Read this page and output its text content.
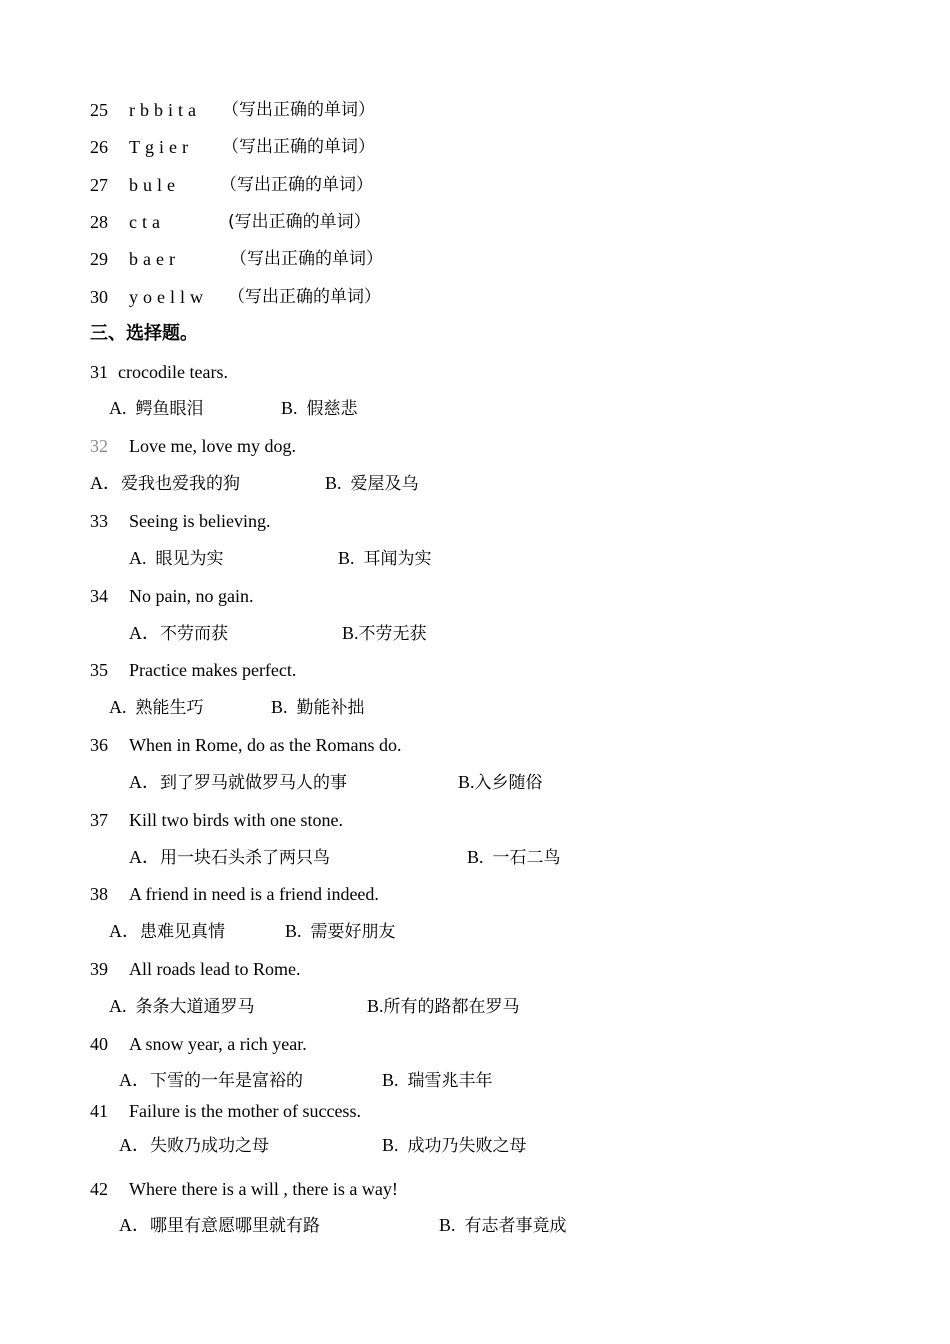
25 rbbita （写出正确的单词）
26 Tgier （写出正确的单词）
27 bule （写出正确的单词）
28 cta	(写出正确的单词）
29 baer	（写出正确的单词）
30 yoellw （写出正确的单词）
三、选择题。
31 crocodile tears.
A. 鳄鱼眼泪	B. 假慈悲
32 Love me, love my dog.
A．爱我也爱我的狗	B. 爱屋及乌
33 Seeing is believing.
A. 眼见为实	B. 耳闻为实
34 No pain, no gain.
A．不劳而获	B.不劳无获
35 Practice makes perfect.
A. 熟能生巧	B. 勤能补拙
36 When in Rome, do as the Romans do.
A．到了罗马就做罗马人的事	B.入乡随俗
37 Kill two birds with one stone.
A．用一块石头杀了两只鸟	B. 一石二鸟
38 A friend in need is a friend indeed.
A．患难见真情	B. 需要好朋友
39 All roads lead to Rome.
A. 条条大道通罗马	B.所有的路都在罗马
40 A snow year, a rich year.
A．下雪的一年是富裕的	B. 瑞雪兆丰年
41 Failure is the mother of success.
A．失败乃成功之母	B. 成功乃失败之母
42 Where there is a will , there is a way!
A．哪里有意愿哪里就有路	B. 有志者事竟成
